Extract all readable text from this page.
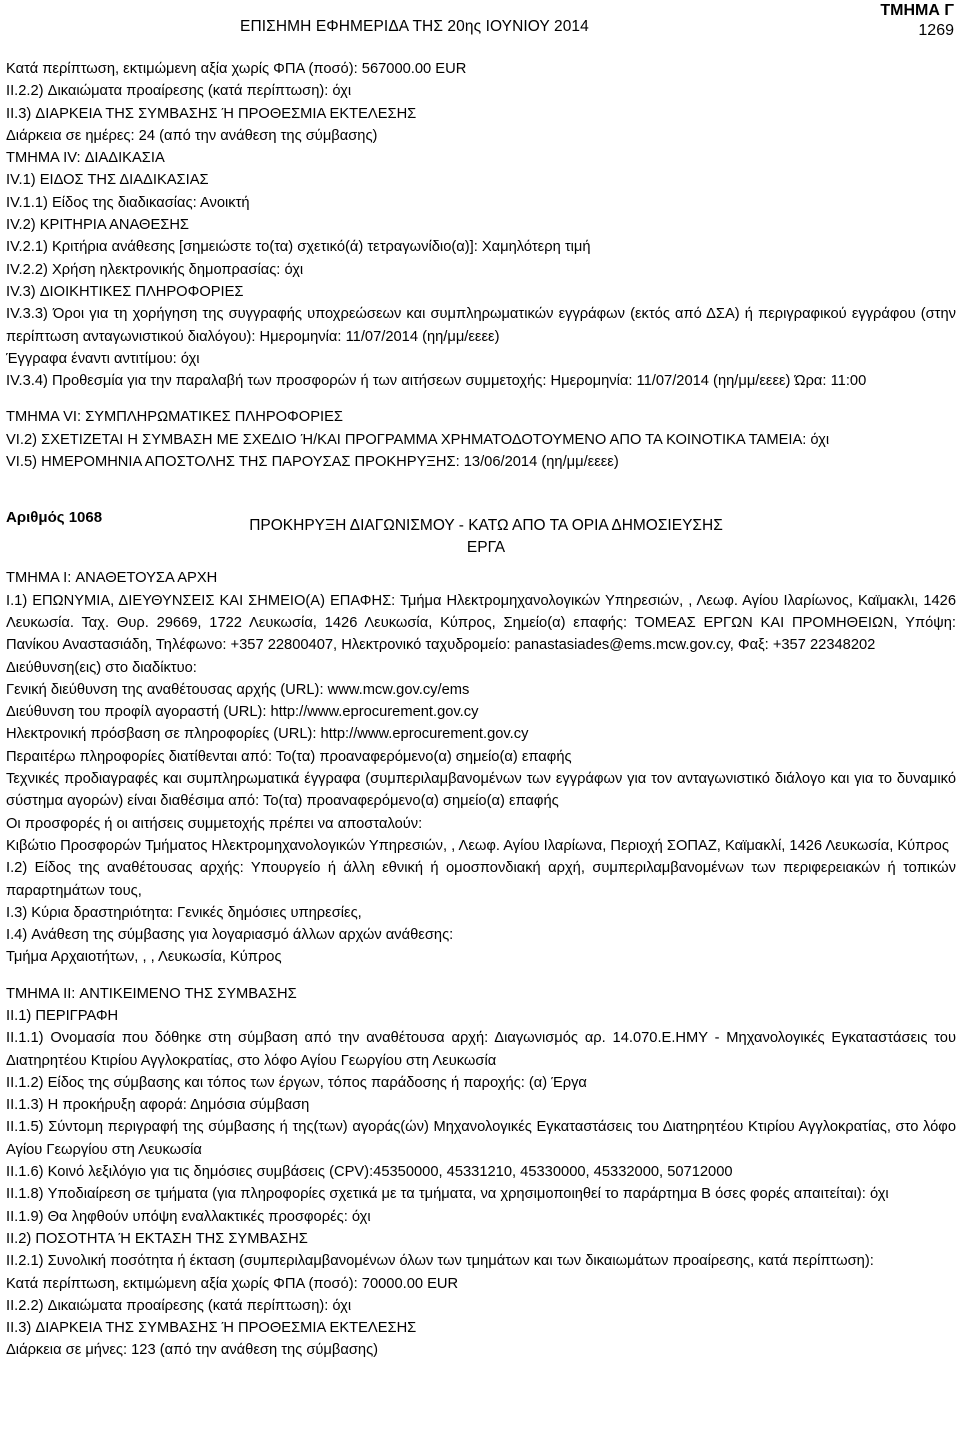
ΕΠΙΣΗΜΗ ΕΦΗΜΕΡΙΔΑ ΤΗΣ 20ης ΙΟΥΝΙΟΥ 2014
ΤΜΗΜΑ Γ
1269

Κατά περίπτωση, εκτιμώμενη αξία χωρίς ΦΠΑ (ποσό): 567000.00 EUR

II.2.2) Δικαιώματα προαίρεσης (κατά περίπτωση): όχι

II.3) ΔΙΑΡΚΕΙΑ ΤΗΣ ΣΥΜΒΑΣΗΣ Ή ΠΡΟΘΕΣΜΙΑ ΕΚΤΕΛΕΣΗΣ

Διάρκεια σε ημέρες: 24 (από την ανάθεση της σύμβασης)

ΤΜΗΜΑ IV: ΔΙΑΔΙΚΑΣΙΑ

IV.1) ΕΙΔΟΣ ΤΗΣ ΔΙΑΔΙΚΑΣΙΑΣ

IV.1.1) Είδος της διαδικασίας: Ανοικτή

IV.2) ΚΡΙΤΗΡΙΑ ΑΝΑΘΕΣΗΣ

IV.2.1) Κριτήρια ανάθεσης [σημειώστε το(τα) σχετικό(ά) τετραγωνίδιο(α)]: Χαμηλότερη τιμή

IV.2.2) Χρήση ηλεκτρονικής δημοπρασίας: όχι

IV.3) ΔΙΟΙΚΗΤΙΚΕΣ ΠΛΗΡΟΦΟΡΙΕΣ

IV.3.3) Όροι για τη χορήγηση της συγγραφής υποχρεώσεων και συμπληρωματικών εγγράφων (εκτός από ΔΣΑ) ή περιγραφικού εγγράφου (στην περίπτωση ανταγωνιστικού διαλόγου): Ημερομηνία: 11/07/2014 (ηη/μμ/εεεε)

Έγγραφα έναντι αντιτίμου: όχι

IV.3.4) Προθεσμία για την παραλαβή των προσφορών ή των αιτήσεων συμμετοχής: Ημερομηνία: 11/07/2014 (ηη/μμ/εεεε) Ώρα: 11:00

ΤΜΗΜΑ VI: ΣΥΜΠΛΗΡΩΜΑΤΙΚΕΣ ΠΛΗΡΟΦΟΡΙΕΣ

VI.2) ΣΧΕΤΙΖΕΤΑΙ Η ΣΥΜΒΑΣΗ ΜΕ ΣΧΕΔΙΟ Ή/ΚΑΙ ΠΡΟΓΡΑΜΜΑ ΧΡΗΜΑΤΟΔΟΤΟΥΜΕΝΟ ΑΠΟ ΤΑ ΚΟΙΝΟΤΙΚΑ ΤΑΜΕΙΑ: όχι

VI.5) ΗΜΕΡΟΜΗΝΙΑ ΑΠΟΣΤΟΛΗΣ ΤΗΣ ΠΑΡΟΥΣΑΣ ΠΡΟΚΗΡΥΞΗΣ: 13/06/2014 (ηη/μμ/εεεε)

Αριθμός 1068	ΠΡΟΚΗΡΥΞΗ ΔΙΑΓΩΝΙΣΜΟΥ - ΚΑΤΩ ΑΠΟ ΤΑ ΟΡΙΑ ΔΗΜΟΣΙΕΥΣΗΣ
ΕΡΓΑ

ΤΜΗΜΑ I: ΑΝΑΘΕΤΟΥΣΑ ΑΡΧΗ

I.1) ΕΠΩΝΥΜΙΑ, ΔΙΕΥΘΥΝΣΕΙΣ ΚΑΙ ΣΗΜΕΙΟ(Α) ΕΠΑΦΗΣ: Τμήμα Ηλεκτρομηχανολογικών Υπηρεσιών, , Λεωφ. Αγίου Ιλαρίωνος, Καϊμακλι, 1426 Λευκωσία. Ταχ. Θυρ. 29669, 1722 Λευκωσία, 1426 Λευκωσία, Κύπρος, Σημείο(α) επαφής: ΤΟΜΕΑΣ ΕΡΓΩΝ ΚΑΙ ΠΡΟΜΗΘΕΙΩΝ, Υπόψη: Πανίκου Αναστασιάδη, Τηλέφωνο: +357 22800407, Ηλεκτρονικό ταχυδρομείο: panastasiades@ems.mcw.gov.cy, Φαξ: +357 22348202

Διεύθυνση(εις) στο διαδίκτυο:

Γενική διεύθυνση της αναθέτουσας αρχής (URL): www.mcw.gov.cy/ems

Διεύθυνση του προφίλ αγοραστή (URL): http://www.eprocurement.gov.cy

Ηλεκτρονική πρόσβαση σε πληροφορίες (URL): http://www.eprocurement.gov.cy

Περαιτέρω πληροφορίες διατίθενται από: Το(τα) προαναφερόμενο(α) σημείο(α) επαφής

Τεχνικές προδιαγραφές και συμπληρωματικά έγγραφα (συμπεριλαμβανομένων των εγγράφων για τον ανταγωνιστικό διάλογο και για το δυναμικό σύστημα αγορών) είναι διαθέσιμα από: Το(τα) προαναφερόμενο(α) σημείο(α) επαφής

Οι προσφορές ή οι αιτήσεις συμμετοχής πρέπει να αποσταλούν:

Κιβώτιο Προσφορών Τμήματος Ηλεκτρομηχανολογικών Υπηρεσιών, , Λεωφ. Αγίου Ιλαρίωνα, Περιοχή ΣΟΠΑΖ, Καϊμακλί, 1426 Λευκωσία, Κύπρος

I.2) Είδος της αναθέτουσας αρχής: Υπουργείο ή άλλη εθνική ή ομοσπονδιακή αρχή, συμπεριλαμβανομένων των περιφερειακών ή τοπικών παραρτημάτων τους,

I.3) Κύρια δραστηριότητα: Γενικές δημόσιες υπηρεσίες,

I.4) Ανάθεση της σύμβασης για λογαριασμό άλλων αρχών ανάθεσης:

Τμήμα Αρχαιοτήτων, , , Λευκωσία, Κύπρος

ΤΜΗΜΑ II: ΑΝΤΙΚΕΙΜΕΝΟ ΤΗΣ ΣΥΜΒΑΣΗΣ

II.1) ΠΕΡΙΓΡΑΦΗ

II.1.1) Ονομασία που δόθηκε στη σύμβαση από την αναθέτουσα αρχή: Διαγωνισμός αρ. 14.070.Ε.ΗΜΥ - Μηχανολογικές Εγκαταστάσεις του Διατηρητέου Κτιρίου Αγγλοκρατίας, στο λόφο Αγίου Γεωργίου στη Λευκωσία

II.1.2) Είδος της σύμβασης και τόπος των έργων, τόπος παράδοσης ή παροχής: (α) Έργα

II.1.3) Η προκήρυξη αφορά: Δημόσια σύμβαση

II.1.5) Σύντομη περιγραφή της σύμβασης ή της(των) αγοράς(ών) Μηχανολογικές Εγκαταστάσεις του Διατηρητέου Κτιρίου Αγγλοκρατίας, στο λόφο Αγίου Γεωργίου στη Λευκωσία

II.1.6) Κοινό λεξιλόγιο για τις δημόσιες συμβάσεις (CPV):45350000, 45331210, 45330000, 45332000, 50712000

II.1.8) Υποδιαίρεση σε τμήματα (για πληροφορίες σχετικά με τα τμήματα, να χρησιμοποιηθεί το παράρτημα Β όσες φορές απαιτείται): όχι

II.1.9) Θα ληφθούν υπόψη εναλλακτικές προσφορές: όχι

II.2) ΠΟΣΟΤΗΤΑ Ή ΕΚΤΑΣΗ ΤΗΣ ΣΥΜΒΑΣΗΣ

II.2.1) Συνολική ποσότητα ή έκταση (συμπεριλαμβανομένων όλων των τμημάτων και των δικαιωμάτων προαίρεσης, κατά περίπτωση):

Κατά περίπτωση, εκτιμώμενη αξία χωρίς ΦΠΑ (ποσό): 70000.00 EUR

II.2.2) Δικαιώματα προαίρεσης (κατά περίπτωση): όχι

II.3) ΔΙΑΡΚΕΙΑ ΤΗΣ ΣΥΜΒΑΣΗΣ Ή ΠΡΟΘΕΣΜΙΑ ΕΚΤΕΛΕΣΗΣ

Διάρκεια σε μήνες: 123 (από την ανάθεση της σύμβασης)
